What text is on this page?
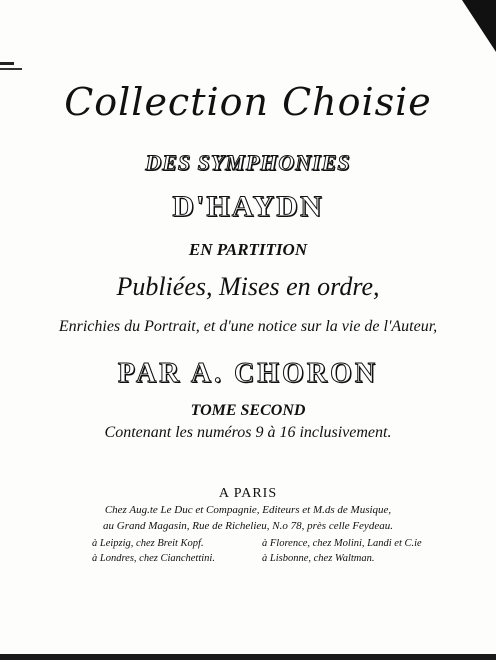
Collection Choisie
DES SYMPHONIES
D'HAYDN
EN PARTITION
Publiées, Mises en ordre,
Enrichies du Portrait, et d'une notice sur la vie de l'Auteur,
PAR A. CHORON
TOME SECOND
Contenant les numéros 9 à 16 inclusivement.
A PARIS
Chez Aug.te Le Duc et Compagnie, Editeurs et M.ds de Musique,
au Grand Magasin, Rue de Richelieu, N.o 78, près celle Feydeau.
à Leipzig, chez Breit Kopf.	à Florence, chez Molini, Landi et C.ie
à Londres, chez Cianchettini.	à Lisbonne, chez Waltman.
